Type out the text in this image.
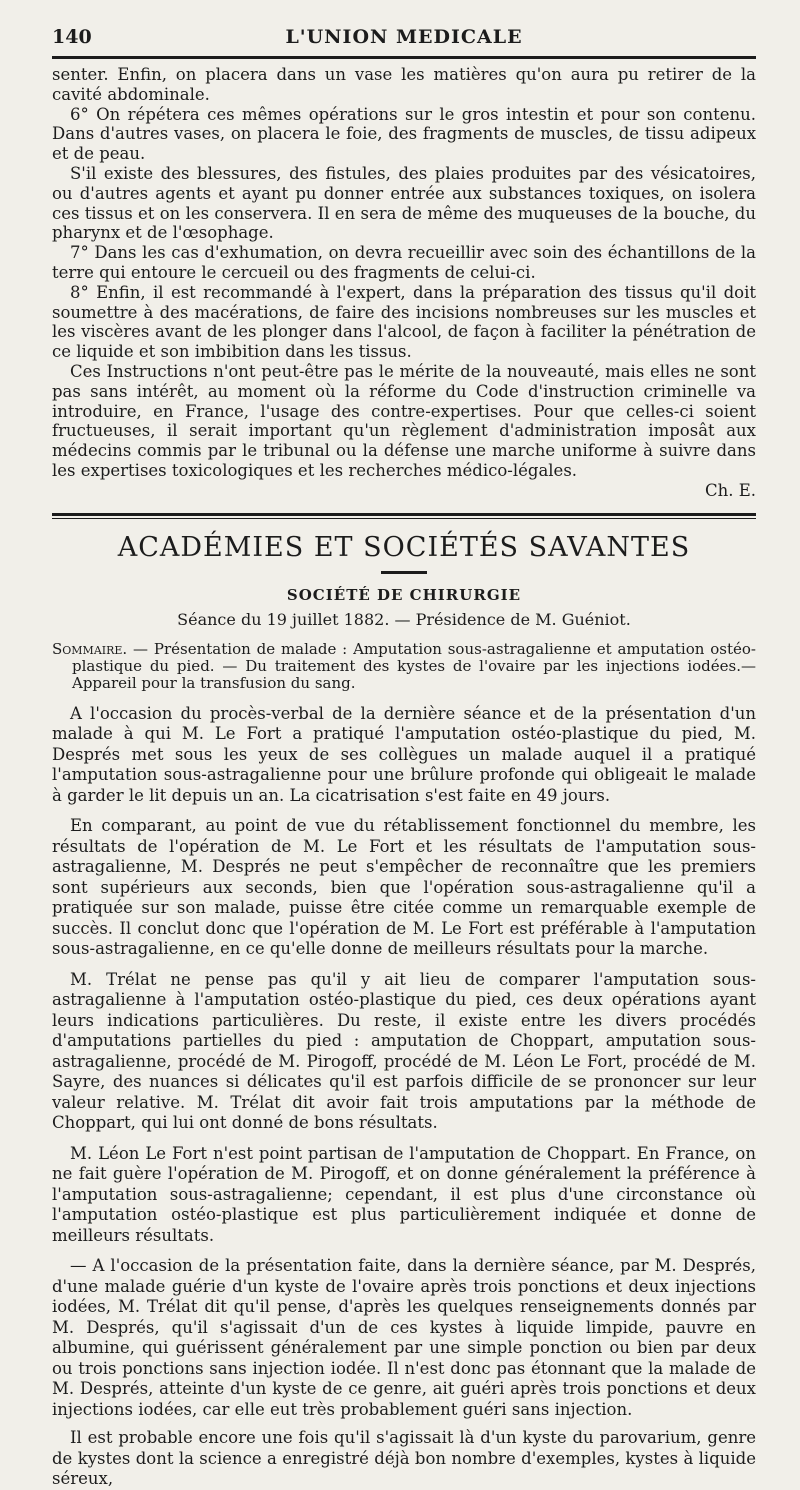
140	L'UNION MEDICALE

senter. Enfin, on placera dans un vase les matières qu'on aura pu retirer de la cavité abdominale.

6° On répétera ces mêmes opérations sur le gros intestin et pour son contenu. Dans d'autres vases, on placera le foie, des fragments de muscles, de tissu adipeux et de peau.

S'il existe des blessures, des fistules, des plaies produites par des vésicatoires, ou d'autres agents et ayant pu donner entrée aux substances toxiques, on isolera ces tissus et on les conservera. Il en sera de même des muqueuses de la bouche, du pharynx et de l'œsophage.

7° Dans les cas d'exhumation, on devra recueillir avec soin des échantillons de la terre qui entoure le cercueil ou des fragments de celui-ci.

8° Enfin, il est recommandé à l'expert, dans la préparation des tissus qu'il doit soumettre à des macérations, de faire des incisions nombreuses sur les muscles et les viscères avant de les plonger dans l'alcool, de façon à faciliter la pénétration de ce liquide et son imbibition dans les tissus.

Ces Instructions n'ont peut-être pas le mérite de la nouveauté, mais elles ne sont pas sans intérêt, au moment où la réforme du Code d'instruction criminelle va introduire, en France, l'usage des contre-expertises. Pour que celles-ci soient fructueuses, il serait important qu'un règlement d'administration imposât aux médecins commis par le tribunal ou la défense une marche uniforme à suivre dans les expertises toxicologiques et les recherches médico-légales.

Ch. E.
ACADÉMIES ET SOCIÉTÉS SAVANTES
SOCIÉTÉ DE CHIRURGIE
Séance du 19 juillet 1882. — Présidence de M. Guéniot.

Sommaire. — Présentation de malade : Amputation sous-astragalienne et amputation ostéo-plastique du pied. — Du traitement des kystes de l'ovaire par les injections iodées.— Appareil pour la transfusion du sang.

A l'occasion du procès-verbal de la dernière séance et de la présentation d'un malade à qui M. Le Fort a pratiqué l'amputation ostéo-plastique du pied, M. Després met sous les yeux de ses collègues un malade auquel il a pratiqué l'amputation sous-astragalienne pour une brûlure profonde qui obligeait le malade à garder le lit depuis un an. La cicatrisation s'est faite en 49 jours.

En comparant, au point de vue du rétablissement fonctionnel du membre, les résultats de l'opération de M. Le Fort et les résultats de l'amputation sous-astragalienne, M. Després ne peut s'empêcher de reconnaître que les premiers sont supérieurs aux seconds, bien que l'opération sous-astragalienne qu'il a pratiquée sur son malade, puisse être citée comme un remarquable exemple de succès. Il conclut donc que l'opération de M. Le Fort est préférable à l'amputation sous-astragalienne, en ce qu'elle donne de meilleurs résultats pour la marche.

M. Trélat ne pense pas qu'il y ait lieu de comparer l'amputation sous-astragalienne à l'amputation ostéo-plastique du pied, ces deux opérations ayant leurs indications particulières. Du reste, il existe entre les divers procédés d'amputations partielles du pied : amputation de Choppart, amputation sous-astragalienne, procédé de M. Pirogoff, procédé de M. Léon Le Fort, procédé de M. Sayre, des nuances si délicates qu'il est parfois difficile de se prononcer sur leur valeur relative. M. Trélat dit avoir fait trois amputations par la méthode de Choppart, qui lui ont donné de bons résultats.

M. Léon Le Fort n'est point partisan de l'amputation de Choppart. En France, on ne fait guère l'opération de M. Pirogoff, et on donne généralement la préférence à l'amputation sous-astragalienne; cependant, il est plus d'une circonstance où l'amputation ostéo-plastique est plus particulièrement indiquée et donne de meilleurs résultats.

— A l'occasion de la présentation faite, dans la dernière séance, par M. Després, d'une malade guérie d'un kyste de l'ovaire après trois ponctions et deux injections iodées, M. Trélat dit qu'il pense, d'après les quelques renseignements donnés par M. Després, qu'il s'agissait d'un de ces kystes à liquide limpide, pauvre en albumine, qui guérissent généralement par une simple ponction ou bien par deux ou trois ponctions sans injection iodée. Il n'est donc pas étonnant que la malade de M. Després, atteinte d'un kyste de ce genre, ait guéri après trois ponctions et deux injections iodées, car elle eut très probablement guéri sans injection.

Il est probable encore une fois qu'il s'agissait là d'un kyste du parovarium, genre de kystes dont la science a enregistré déjà bon nombre d'exemples, kystes à liquide séreux,
